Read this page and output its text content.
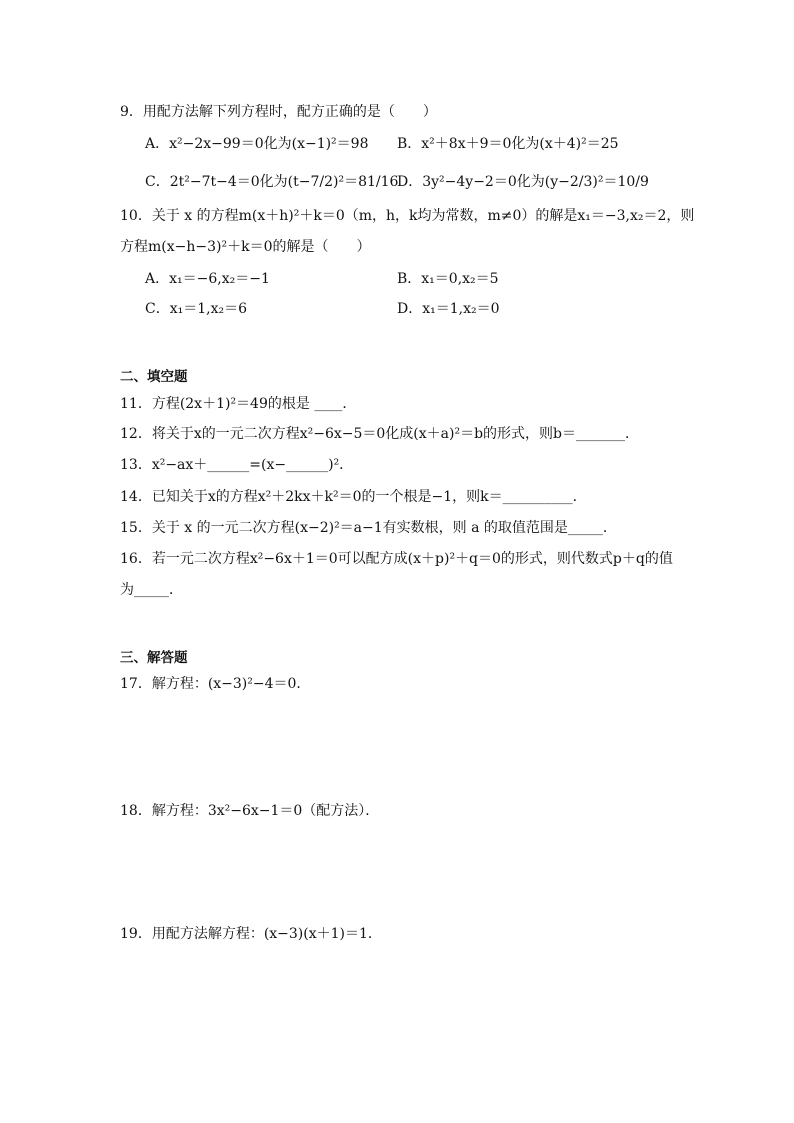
9．用配方法解下列方程时，配方正确的是（　　）
A．x²−2x−99＝0化为(x−1)²＝98 B．x²＋8x＋9＝0化为(x＋4)²＝25
C．2t²−7t−4＝0化为(t−7/2)²＝81/16
D．3y²−4y−2＝0化为(y−2/3)²＝10/9
10．关于 x 的方程m(x＋h)²＋k＝0（m，h，k均为常数，m≠0）的解是x₁＝−3,x₂＝2，则
方程m(x−h−3)²＋k＝0的解是（　　）
A．x₁＝−6,x₂＝−1	B．x₁＝0,x₂＝5
C．x₁＝1,x₂＝6	D．x₁＝1,x₂＝0
二、填空题
11．方程(2x＋1)²＝49的根是 ____．
12．将关于x的一元二次方程x²−6x−5＝0化成(x＋a)²＝b的形式，则b＝_______．
13．x²−ax＋______=(x−______)²．
14．已知关于x的方程x²＋2kx＋k²＝0的一个根是−1，则k＝__________．
15．关于 x 的一元二次方程(x−2)²＝a−1有实数根，则 a 的取值范围是_____．
16．若一元二次方程x²−6x＋1＝0可以配方成(x＋p)²＋q＝0的形式，则代数式p＋q的值
为_____．
三、解答题
17．解方程：(x−3)²−4＝0．
18．解方程：3x²−6x−1＝0（配方法）．
19．用配方法解方程：(x−3)(x＋1)＝1．
